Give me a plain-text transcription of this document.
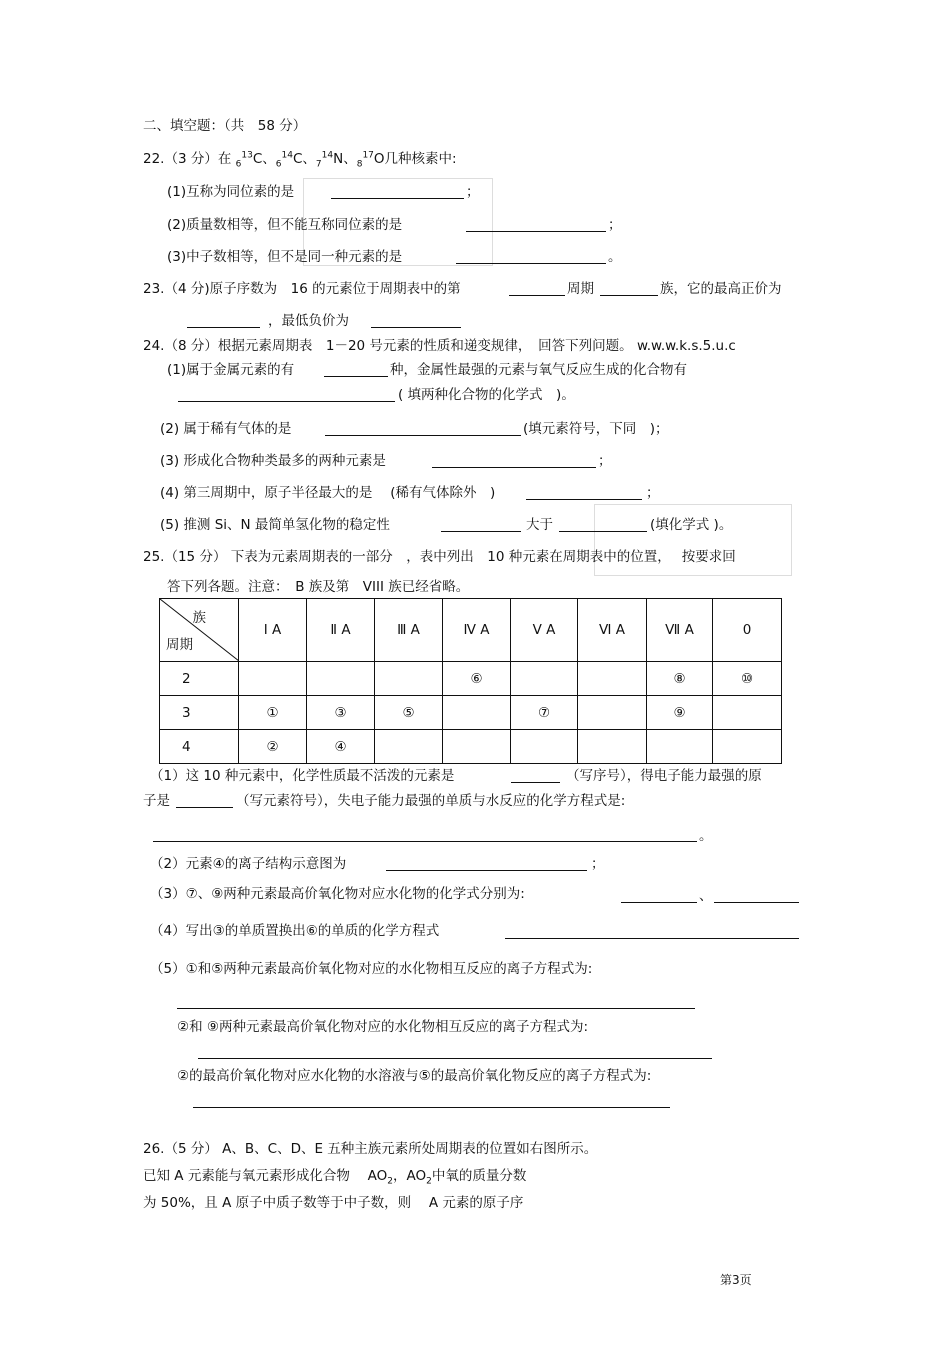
二、填空题：（共　58 分）
22.（3 分）在 $_6^{13}$C、$_6^{14}$C、$_7^{14}$N、$_8^{17}$O几种核素中:
(1)互称为同位素的是	；
(2)质量数相等，但不能互称同位素的是	；
(3)中子数相等，但不是同一种元素的是	。
23.（4 分)原子序数为　16 的元素位于周期表中的第	周期	族，它的最高正价为
，最低负价为
24.（8 分）根据元素周期表　1－20 号元素的性质和递变规律，　回答下列问题。 w.w.w.k.s.5.u.c
(1)属于金属元素的有	种，金属性最强的元素与氧气反应生成的化合物有
( 填两种化合物的化学式　)。
(2) 属于稀有气体的是	(填元素符号，下同　)；
(3) 形成化合物种类最多的两种元素是	；
(4) 第三周期中，原子半径最大的是　 (稀有气体除外　)	；
(5) 推测 Si、N 最简单氢化物的稳定性	大于	(填化学式 )。
25.（15 分） 下表为元素周期表的一部分　，表中列出　10 种元素在周期表中的位置，　 按要求回
答下列各题。注意：　B 族及第　VIII 族已经省略。
族
周期	Ⅰ A	Ⅱ A	Ⅲ A	Ⅳ A	Ⅴ A	Ⅵ A	Ⅶ A	0
2				⑥			⑧	⑩
3	①	③	⑤		⑦		⑨	
4	②	④						
（1）这 10 种元素中，化学性质最不活泼的元素是	（写序号），得电子能力最强的原
子是	（写元素符号），失电子能力最强的单质与水反应的化学方程式是:
。
（2）元素④的离子结构示意图为	；
（3）⑦、⑨两种元素最高价氧化物对应水化物的化学式分别为:	、
（4）写出③的单质置换出⑥的单质的化学方程式
（5）①和⑤两种元素最高价氧化物对应的水化物相互反应的离子方程式为:
②和 ⑨两种元素最高价氧化物对应的水化物相互反应的离子方程式为:
②的最高价氧化物对应水化物的水溶液与⑤的最高价氧化物反应的离子方程式为:
26.（5 分） A、B、C、D、E 五种主族元素所处周期表的位置如右图所示。
已知 A 元素能与氧元素形成化合物　 $AO_2$，$AO_2$中氧的质量分数
为 50%，且 A 原子中质子数等于中子数，则　 A 元素的原子序
第3页
